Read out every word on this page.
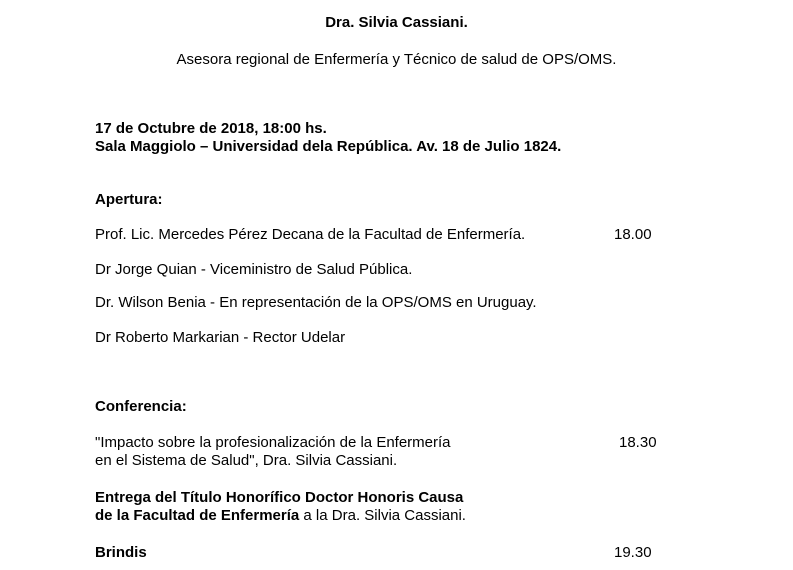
Dra. Silvia Cassiani.
Asesora regional de Enfermería y Técnico de salud de OPS/OMS.
17 de Octubre de 2018, 18:00 hs.
Sala Maggiolo – Universidad dela República. Av. 18 de Julio 1824.
Apertura:
Prof. Lic. Mercedes Pérez Decana de la Facultad de Enfermería.	18.00
Dr Jorge Quian - Viceministro de Salud Pública.
Dr. Wilson Benia - En representación de la OPS/OMS en Uruguay.
Dr Roberto Markarian - Rector Udelar
Conferencia:
"Impacto sobre la profesionalización de la Enfermería
en el Sistema de Salud", Dra. Silvia Cassiani.
18.30
Entrega del Título Honorífico Doctor Honoris Causa
de la Facultad de Enfermería a la Dra. Silvia Cassiani.
Brindis	19.30
